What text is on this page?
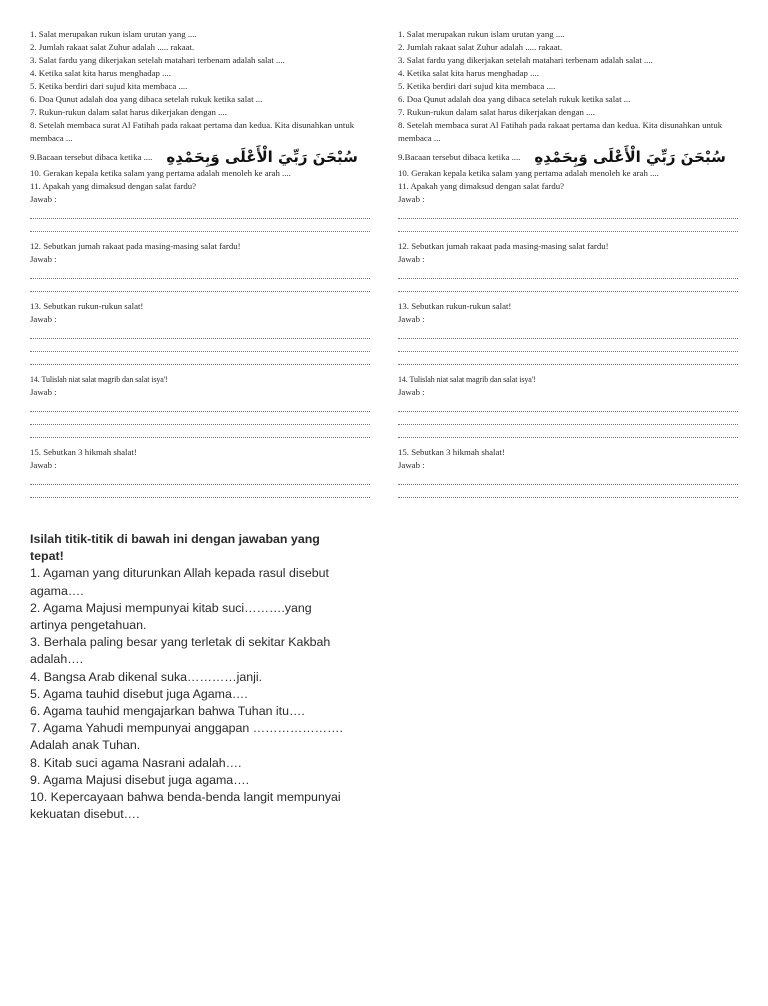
1. Salat merupakan rukun islam urutan yang ....
2. Jumlah rakaat salat Zuhur adalah ..... rakaat.
3. Salat fardu yang dikerjakan setelah matahari terbenam adalah salat ....
4. Ketika salat kita harus menghadap ....
5. Ketika berdiri dari sujud kita membaca ....
6. Doa Qunut adalah doa yang dibaca setelah rukuk ketika salat ...
7. Rukun-rukun dalam salat harus dikerjakan dengan ....
8. Setelah membaca surat Al Fatihah pada rakaat pertama dan kedua. Kita disunahkan untuk membaca ...
9.Bacaan tersebut dibaca ketika .... سُبْحَنَ رَبِّيَ الْأَعْلَى وَبِحَمْدِهِ
10. Gerakan kepala ketika salam yang pertama adalah menoleh ke arah ....
11. Apakah yang dimaksud dengan salat fardu?
Jawab :
12. Sebutkan jumah rakaat pada masing-masing salat fardu!
Jawab :
13. Sebutkan rukun-rukun salat!
Jawab :
14. Tulislah niat salat magrib dan salat isya'!
Jawab :
15. Sebutkan 3 hikmah shalat!
Jawab :
1. Salat merupakan rukun islam urutan yang ....
2. Jumlah rakaat salat Zuhur adalah ..... rakaat.
3. Salat fardu yang dikerjakan setelah matahari terbenam adalah salat ....
4. Ketika salat kita harus menghadap ....
5. Ketika berdiri dari sujud kita membaca ....
6. Doa Qunut adalah doa yang dibaca setelah rukuk ketika salat ...
7. Rukun-rukun dalam salat harus dikerjakan dengan ....
8. Setelah membaca surat Al Fatihah pada rakaat pertama dan kedua. Kita disunahkan untuk membaca ...
9.Bacaan tersebut dibaca ketika .... سُبْحَنَ رَبِّيَ الْأَعْلَى وَبِحَمْدِهِ
10. Gerakan kepala ketika salam yang pertama adalah menoleh ke arah ....
11. Apakah yang dimaksud dengan salat fardu?
Jawab :
12. Sebutkan jumah rakaat pada masing-masing salat fardu!
Jawab :
13. Sebutkan rukun-rukun salat!
Jawab :
14. Tulislah niat salat magrib dan salat isya'!
Jawab :
15. Sebutkan 3 hikmah shalat!
Jawab :
Isilah titik-titik di bawah ini dengan jawaban yang tepat!
1. Agaman yang diturunkan Allah kepada rasul disebut agama….
2. Agama Majusi mempunyai kitab suci……….yang artinya pengetahuan.
3. Berhala paling besar yang terletak di sekitar Kakbah adalah….
4. Bangsa Arab dikenal suka…………janji.
5. Agama tauhid disebut juga Agama….
6. Agama tauhid mengajarkan bahwa Tuhan itu….
7. Agama Yahudi mempunyai anggapan …………………. Adalah anak Tuhan.
8. Kitab suci agama Nasrani adalah….
9. Agama Majusi disebut juga agama….
10. Kepercayaan bahwa benda-benda langit mempunyai kekuatan disebut….
